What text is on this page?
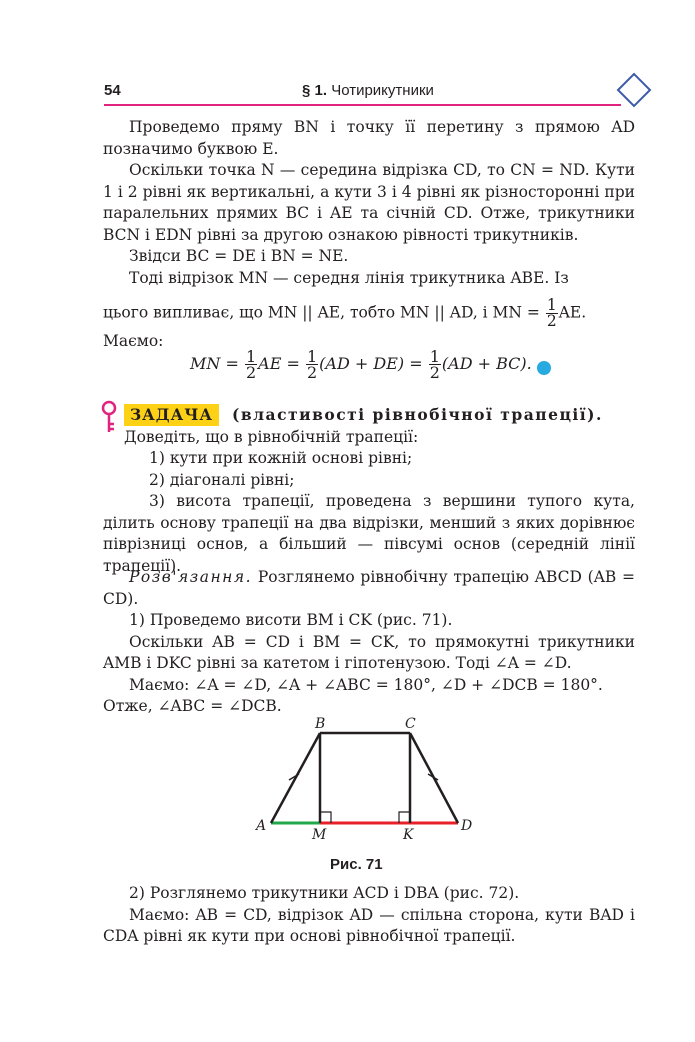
54	§ 1. Чотирикутники
Проведемо пряму BN і точку її перетину з прямою AD позначимо буквою E.
Оскільки точка N — середина відрізка CD, то CN = ND. Кути 1 і 2 рівні як вертикальні, а кути 3 і 4 рівні як різносторонні при паралельних прямих BC і AE та січній CD. Отже, трикутники BCN і EDN рівні за другою ознакою рівності трикутників.
Звідси BC = DE і BN = NE.
Тоді відрізок MN — середня лінія трикутника ABE. Із
цього випливає, що MN || AE, тобто MN || AD, і MN = $\frac{1}{2}$ AE.
Маємо:
MN = $\frac{1}{2}$ AE = $\frac{1}{2} (AD + DE) = \frac{1}{2} (AD + BC)$.
ЗАДАЧА	(властивості рівнобічної трапеції).
Доведіть, що в рівнобічній трапеції:
1) кути при кожній основі рівні;
2) діагоналі рівні;
3) висота трапеції, проведена з вершини тупого кута, ділить основу трапеції на два відрізки, менший з яких дорівнює піврізниці основ, а більший — півсумі основ (середній лінії трапеції).
Розв'язання. Розглянемо рівнобічну трапецію ABCD (AB = CD).
1) Проведемо висоти BM і CK (рис. 71).
Оскільки AB = CD і BM = CK, то прямокутні трикутники AMB і DKC рівні за катетом і гіпотенузою. Тоді ∠A = ∠D.
Маємо: ∠A = ∠D, ∠A + ∠ABC = 180°, ∠D + ∠DCB = 180°.
Отже, ∠ABC = ∠DCB.
B	C
A	D
M	K
Рис. 71
2) Розглянемо трикутники ACD і DBA (рис. 72).
Маємо: AB = CD, відрізок AD — спільна сторона, кути BAD і CDA рівні як кути при основі рівнобічної трапеції.
